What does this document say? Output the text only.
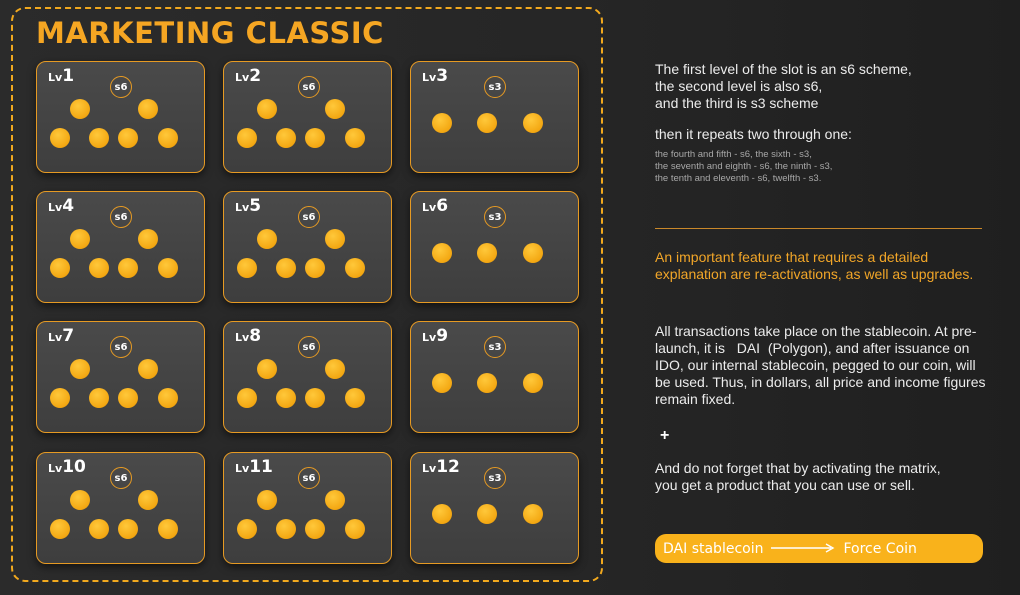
MARKETING CLASSIC
Lv1
s6
Lv2
s6
Lv3
s3
Lv4
s6
Lv5
s6
Lv6
s3
Lv7
s6
Lv8
s6
Lv9
s3
Lv10
s6
Lv11
s6
Lv12
s3

The first level of the slot is an s6 scheme,
the second level is also s6,
and the third is s3 scheme

then it repeats two through one:

the fourth and fifth - s6, the sixth - s3,
the seventh and eighth - s6, the ninth - s3,
the tenth and eleventh - s6, twelfth - s3.

An important feature that requires a detailed
explanation are re-activations, as well as upgrades.

All transactions take place on the stablecoin. At pre-
launch, it is   DAI  (Polygon), and after issuance on
IDO, our internal stablecoin, pegged to our coin, will
be used. Thus, in dollars, all price and income figures
remain fixed.

+

And do not forget that by activating the matrix,
you get a product that you can use or sell.

DAI stablecoin	Force Coin
